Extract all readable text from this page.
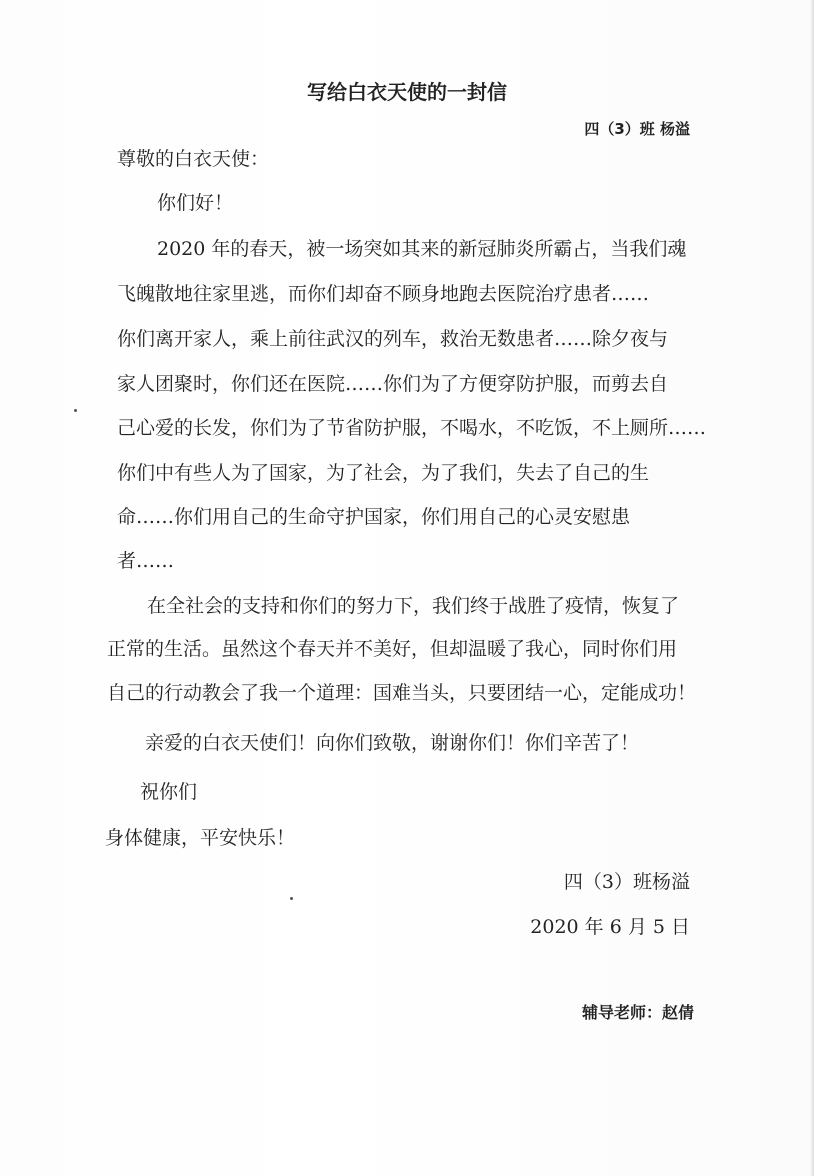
写给白衣天使的一封信
四（3）班 杨溢
尊敬的白衣天使：
你们好！
2020 年的春天，被一场突如其来的新冠肺炎所霸占，当我们魂
飞魄散地往家里逃，而你们却奋不顾身地跑去医院治疗患者……
你们离开家人，乘上前往武汉的列车，救治无数患者……除夕夜与
家人团聚时，你们还在医院……你们为了方便穿防护服，而剪去自
己心爱的长发，你们为了节省防护服，不喝水，不吃饭，不上厕所……
你们中有些人为了国家，为了社会，为了我们，失去了自己的生
命……你们用自己的生命守护国家，你们用自己的心灵安慰患
者……
在全社会的支持和你们的努力下，我们终于战胜了疫情，恢复了
正常的生活。虽然这个春天并不美好，但却温暖了我心，同时你们用
自己的行动教会了我一个道理：国难当头，只要团结一心，定能成功！
亲爱的白衣天使们！向你们致敬，谢谢你们！你们辛苦了！
祝你们
身体健康，平安快乐！
四（3）班杨溢
2020 年 6 月 5 日
辅导老师：赵倩
